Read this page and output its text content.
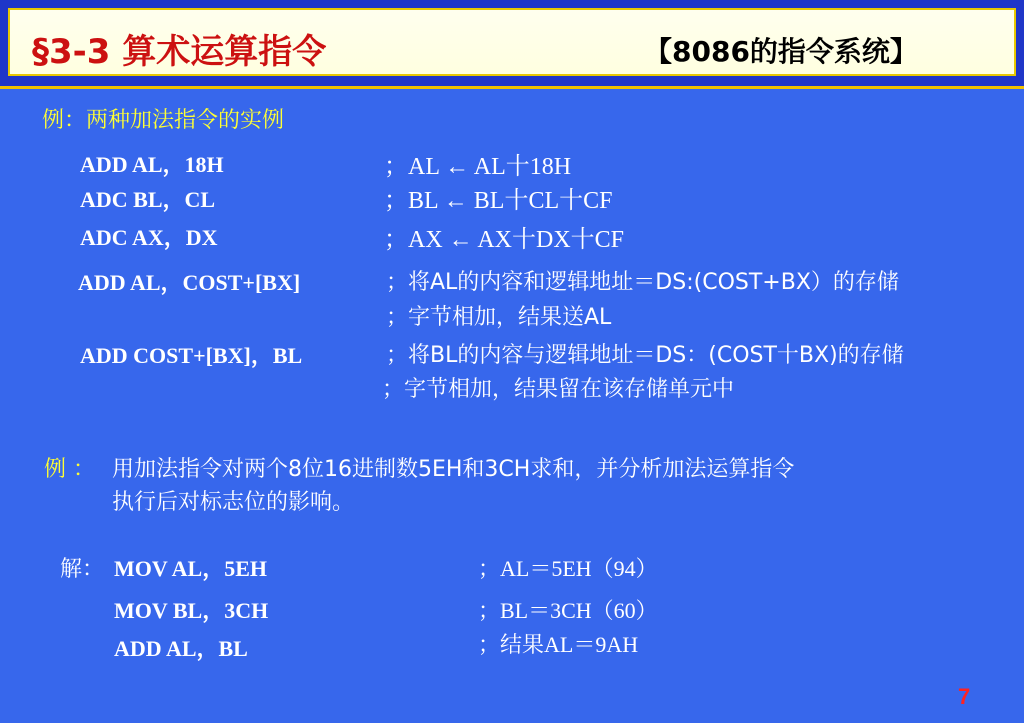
§3-3 算术运算指令	【8086的指令系统】
例：两种加法指令的实例
ADD AL，18H	；AL ← AL十18H
ADC BL，CL	；BL ← BL十CL十CF
ADC AX，DX	；AX ← AX十DX十CF
ADD AL，COST+[BX]	；将AL的内容和逻辑地址＝DS:(COST+BX）的存储
；字节相加，结果送AL
ADD COST+[BX]，BL	；将BL的内容与逻辑地址＝DS：(COST十BX)的存储
；字节相加，结果留在该存储单元中
例 ： 用加法指令对两个8位16进制数5EH和3CH求和，并分析加法运算指令
执行后对标志位的影响。
解： MOV AL，5EH	；AL＝5EH（94）
MOV BL，3CH	；BL＝3CH（60）
ADD AL，BL	；结果AL＝9AH
7
